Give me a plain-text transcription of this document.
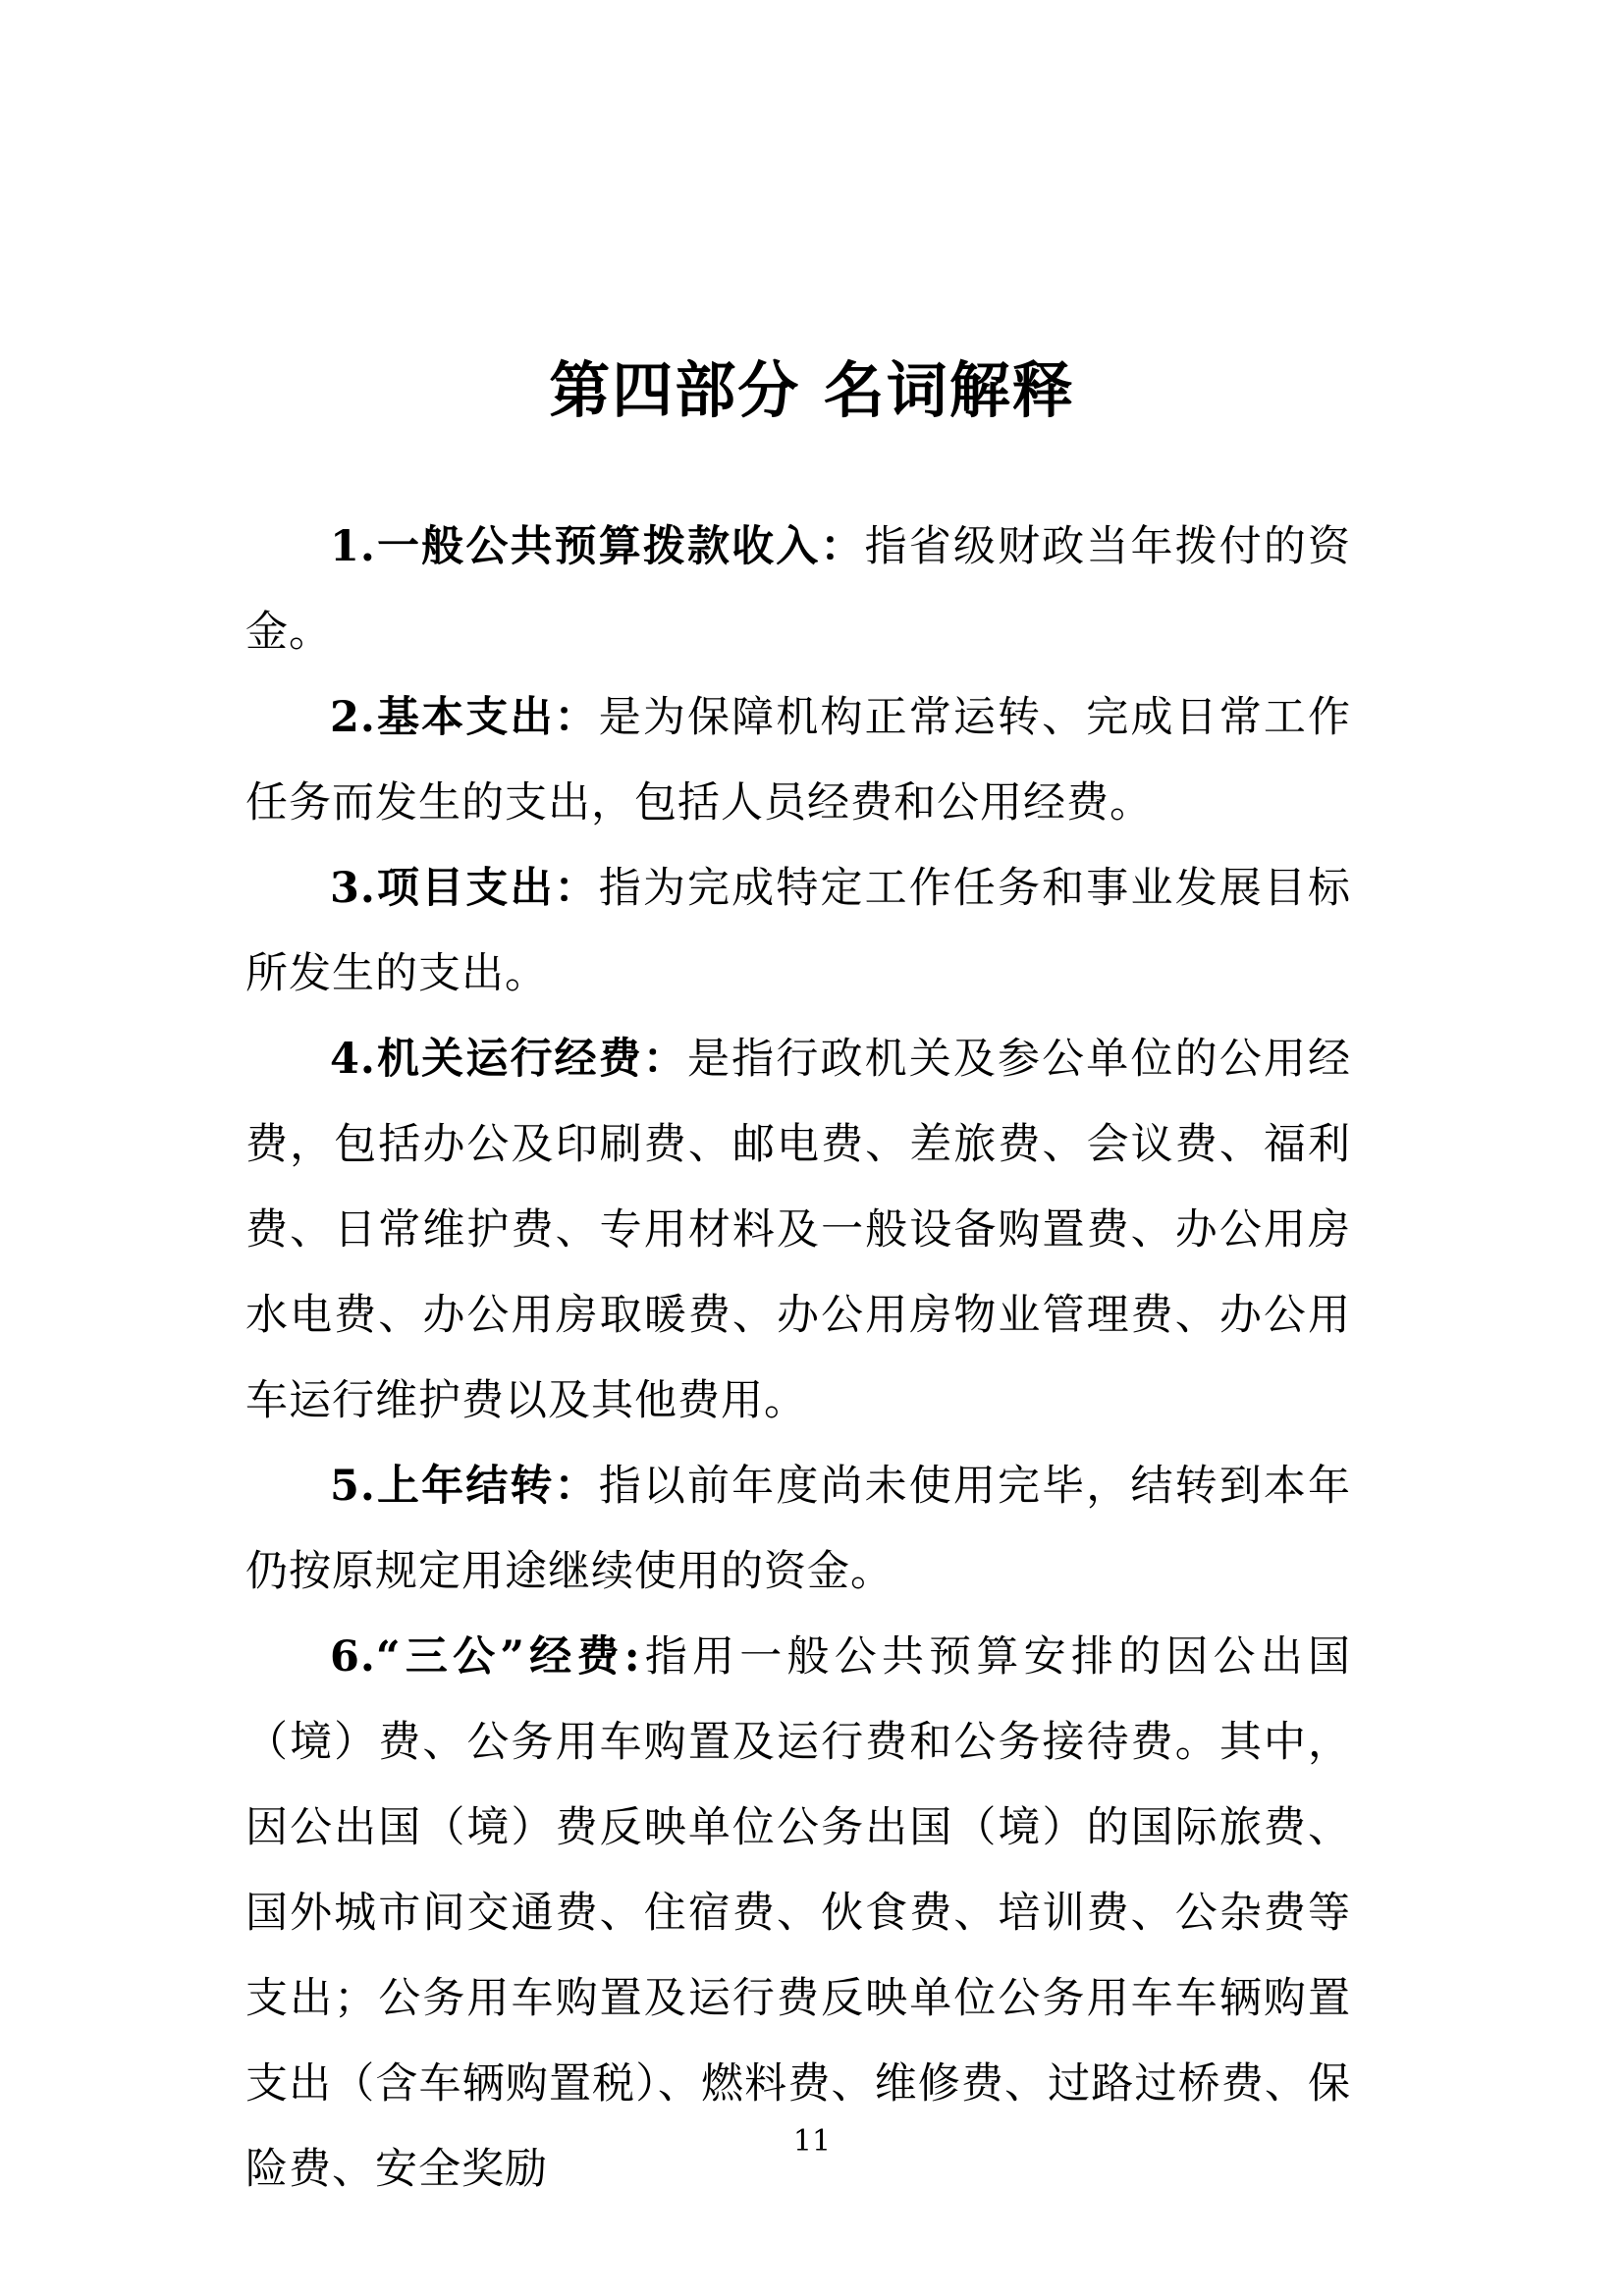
第四部分 名词解释

1.一般公共预算拨款收入：指省级财政当年拨付的资金。

2.基本支出：是为保障机构正常运转、完成日常工作任务而发生的支出，包括人员经费和公用经费。

3.项目支出：指为完成特定工作任务和事业发展目标所发生的支出。

4.机关运行经费：是指行政机关及参公单位的公用经费，包括办公及印刷费、邮电费、差旅费、会议费、福利费、日常维护费、专用材料及一般设备购置费、办公用房水电费、办公用房取暖费、办公用房物业管理费、办公用车运行维护费以及其他费用。

5.上年结转：指以前年度尚未使用完毕，结转到本年仍按原规定用途继续使用的资金。

6.“三公”经费:指用一般公共预算安排的因公出国（境）费、公务用车购置及运行费和公务接待费。其中，因公出国（境）费反映单位公务出国（境）的国际旅费、国外城市间交通费、住宿费、伙食费、培训费、公杂费等支出；公务用车购置及运行费反映单位公务用车车辆购置支出（含车辆购置税）、燃料费、维修费、过路过桥费、保险费、安全奖励

11
